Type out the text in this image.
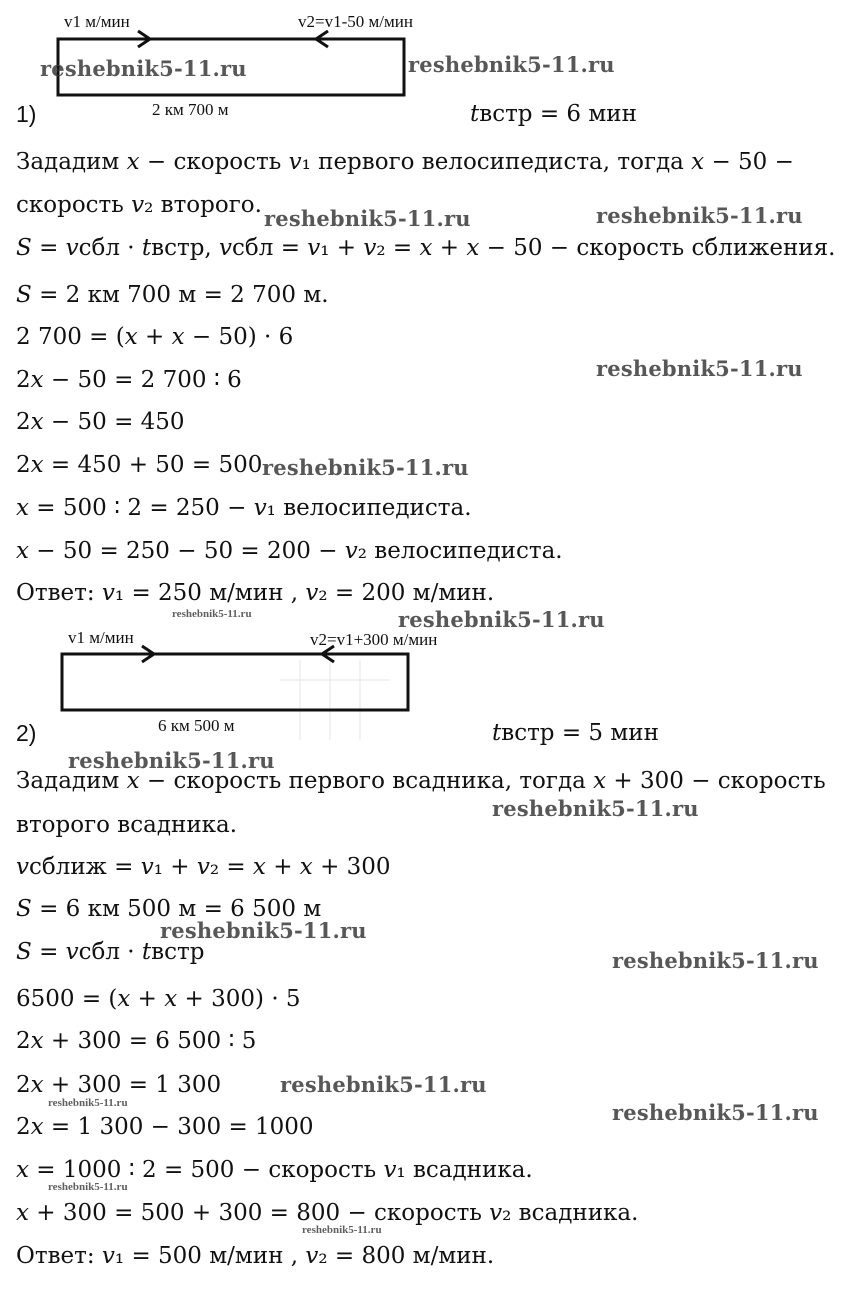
v1 м/мин	v2=v1-50 м/мин
2 км 700 м
1)	𝑡встр = 6 мин
Зададим 𝑥 − скорость 𝑣₁ первого велосипедиста, тогда 𝑥 − 50 −
скорость 𝑣₂ второго.
𝑆 = 𝑣сбл · 𝑡встр, 𝑣сбл = 𝑣₁ + 𝑣₂ = 𝑥 + 𝑥 − 50 − скорость сближения.
𝑆 = 2 км 700 м = 2 700 м.
2 700 = (𝑥 + 𝑥 − 50) · 6
2𝑥 − 50 = 2 700 ∶ 6
2𝑥 − 50 = 450
2𝑥 = 450 + 50 = 500
𝑥 = 500 ∶ 2 = 250 − 𝑣₁ велосипедиста.
𝑥 − 50 = 250 − 50 = 200 − 𝑣₂ велосипедиста.
Ответ: 𝑣₁ = 250 м/мин , 𝑣₂ = 200 м/мин.
v1 м/мин	v2=v1+300 м/мин
6 км 500 м
2)	𝑡встр = 5 мин
Зададим 𝑥 − скорость первого всадника, тогда 𝑥 + 300 − скорость
второго всадника.
𝑣сближ = 𝑣₁ + 𝑣₂ = 𝑥 + 𝑥 + 300
𝑆 = 6 км 500 м = 6 500 м
𝑆 = 𝑣сбл · 𝑡встр
6500 = (𝑥 + 𝑥 + 300) · 5
2𝑥 + 300 = 6 500 ∶ 5
2𝑥 + 300 = 1 300
2𝑥 = 1 300 − 300 = 1000
𝑥 = 1000 ∶ 2 = 500 − скорость 𝑣₁ всадника.
𝑥 + 300 = 500 + 300 = 800 − скорость 𝑣₂ всадника.
Ответ: 𝑣₁ = 500 м/мин , 𝑣₂ = 800 м/мин.
reshebnik5-11.ru	reshebnik5-11.ru
reshebnik5-11.ru	reshebnik5-11.ru
reshebnik5-11.ru
reshebnik5-11.ru
reshebnik5-11.ru	reshebnik5-11.ru
reshebnik5-11.ru
reshebnik5-11.ru
reshebnik5-11.ru
reshebnik5-11.ru
reshebnik5-11.ru
reshebnik5-11.ru	reshebnik5-11.ru
reshebnik5-11.ru
reshebnik5-11.ru
